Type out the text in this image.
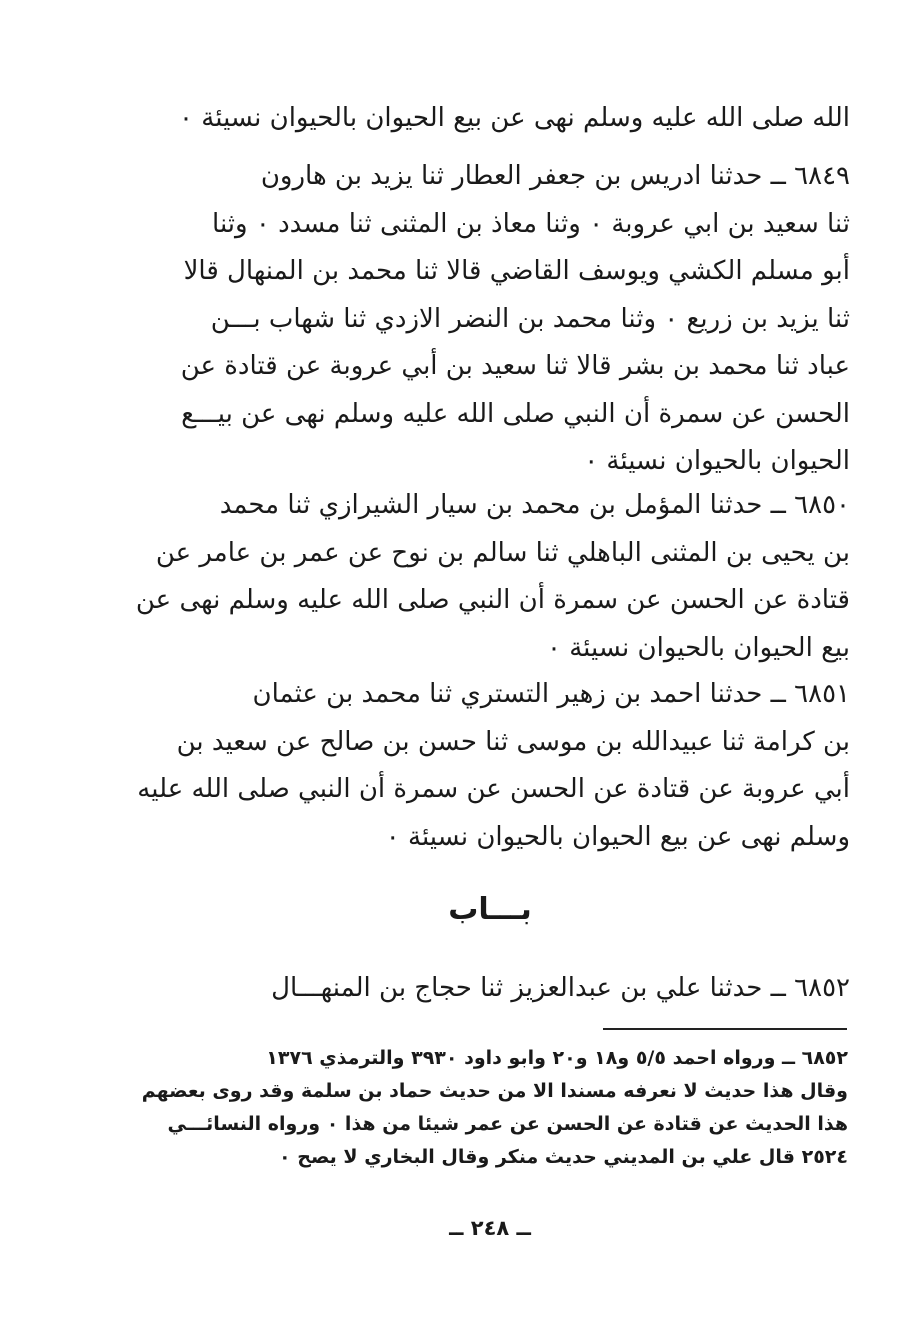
الله صلى الله عليه وسلم نهى عن بيع الحيوان بالحيوان نسيئة ٠
٦٨٤٩ ــ حدثنا ادريس بن جعفر العطار ثنا يزيد بن هارون
ثنا سعيد بن ابي عروبة ٠ وثنا معاذ بن المثنى ثنا مسدد ٠ وثنا
أبو مسلم الكشي ويوسف القاضي قالا ثنا محمد بن المنهال قالا
ثنا يزيد بن زريع ٠ وثنا محمد بن النضر الازدي ثنا شهاب بـــن
عباد ثنا محمد بن بشر قالا ثنا سعيد بن أبي عروبة عن قتادة عن
الحسن عن سمرة أن النبي صلى الله عليه وسلم نهى عن بيـــع
الحيوان بالحيوان نسيئة ٠
٦٨٥٠ ــ حدثنا المؤمل بن محمد بن سيار الشيرازي ثنا محمد
بن يحيى بن المثنى الباهلي ثنا سالم بن نوح عن عمر بن عامر عن
قتادة عن الحسن عن سمرة أن النبي صلى الله عليه وسلم نهى عن
بيع الحيوان بالحيوان نسيئة ٠
٦٨٥١ ــ حدثنا احمد بن زهير التستري ثنا محمد بن عثمان
بن كرامة ثنا عبيدالله بن موسى ثنا حسن بن صالح عن سعيد بن
أبي عروبة عن قتادة عن الحسن عن سمرة أن النبي صلى الله عليه
وسلم نهى عن بيع الحيوان بالحيوان نسيئة ٠
بـــاب
٦٨٥٢ ــ حدثنا علي بن عبدالعزيز ثنا حجاج بن المنهـــال
٦٨٥٢ ــ ورواه احمد ٥/٥ و١٨ و٢٠ وابو داود ٣٩٣٠ والترمذي ١٣٧٦
وقال هذا حديث لا نعرفه مسندا الا من حديث حماد بن سلمة وقد روى بعضهم
هذا الحديث عن قتادة عن الحسن عن عمر شيئا من هذا ٠ ورواه النسائـــي
٢٥٢٤ قال علي بن المديني حديث منكر وقال البخاري لا يصح ٠
ــ ٢٤٨ ــ
